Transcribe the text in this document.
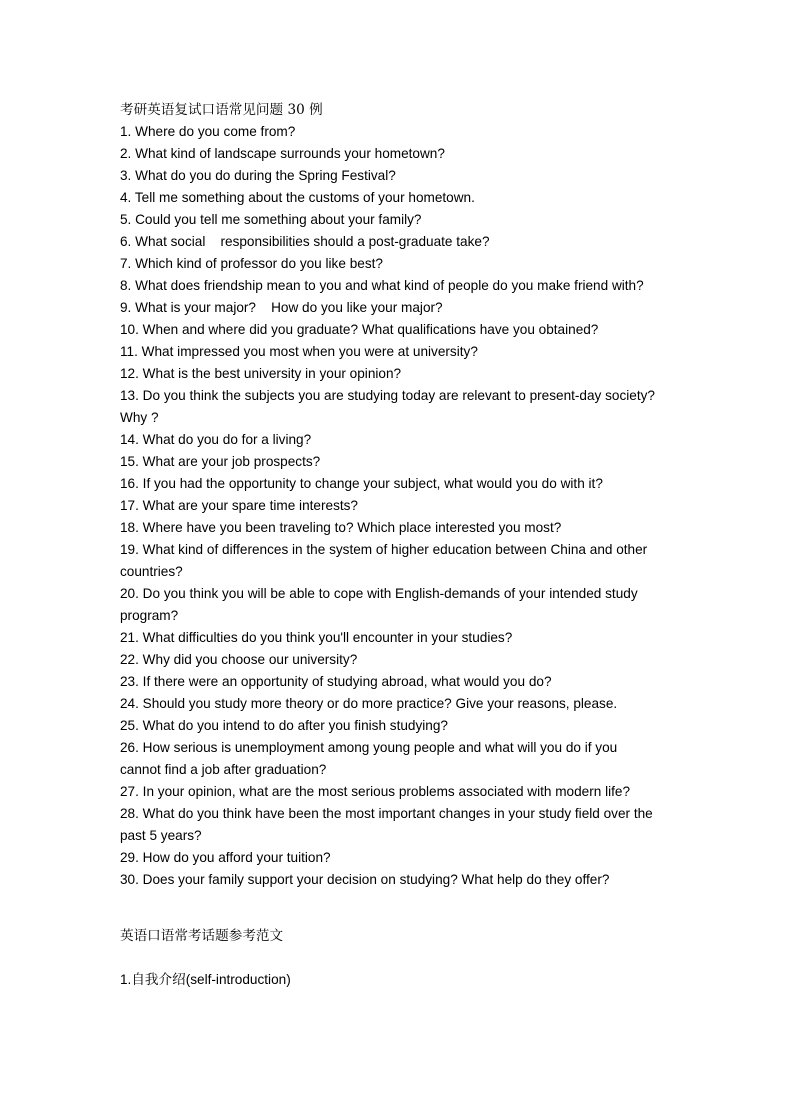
考研英语复试口语常见问题 30 例
1. Where do you come from?
2. What kind of landscape surrounds your hometown?
3. What do you do during the Spring Festival?
4. Tell me something about the customs of your hometown.
5. Could you tell me something about your family?
6. What social    responsibilities should a post-graduate take?
7. Which kind of professor do you like best?
8. What does friendship mean to you and what kind of people do you make friend with?
9. What is your major?    How do you like your major?
10. When and where did you graduate? What qualifications have you obtained?
11. What impressed you most when you were at university?
12. What is the best university in your opinion?
13. Do you think the subjects you are studying today are relevant to present-day society?
Why ?
14. What do you do for a living?
15. What are your job prospects?
16. If you had the opportunity to change your subject, what would you do with it?
17. What are your spare time interests?
18. Where have you been traveling to? Which place interested you most?
19. What kind of differences in the system of higher education between China and other
countries?
20. Do you think you will be able to cope with English-demands of your intended study
program?
21. What difficulties do you think you'll encounter in your studies?
22. Why did you choose our university?
23. If there were an opportunity of studying abroad, what would you do?
24. Should you study more theory or do more practice? Give your reasons, please.
25. What do you intend to do after you finish studying?
26. How serious is unemployment among young people and what will you do if you
cannot find a job after graduation?
27. In your opinion, what are the most serious problems associated with modern life?
28. What do you think have been the most important changes in your study field over the
past 5 years?
29. How do you afford your tuition?
30. Does your family support your decision on studying? What help do they offer?
英语口语常考话题参考范文
1.自我介绍(self-introduction)
